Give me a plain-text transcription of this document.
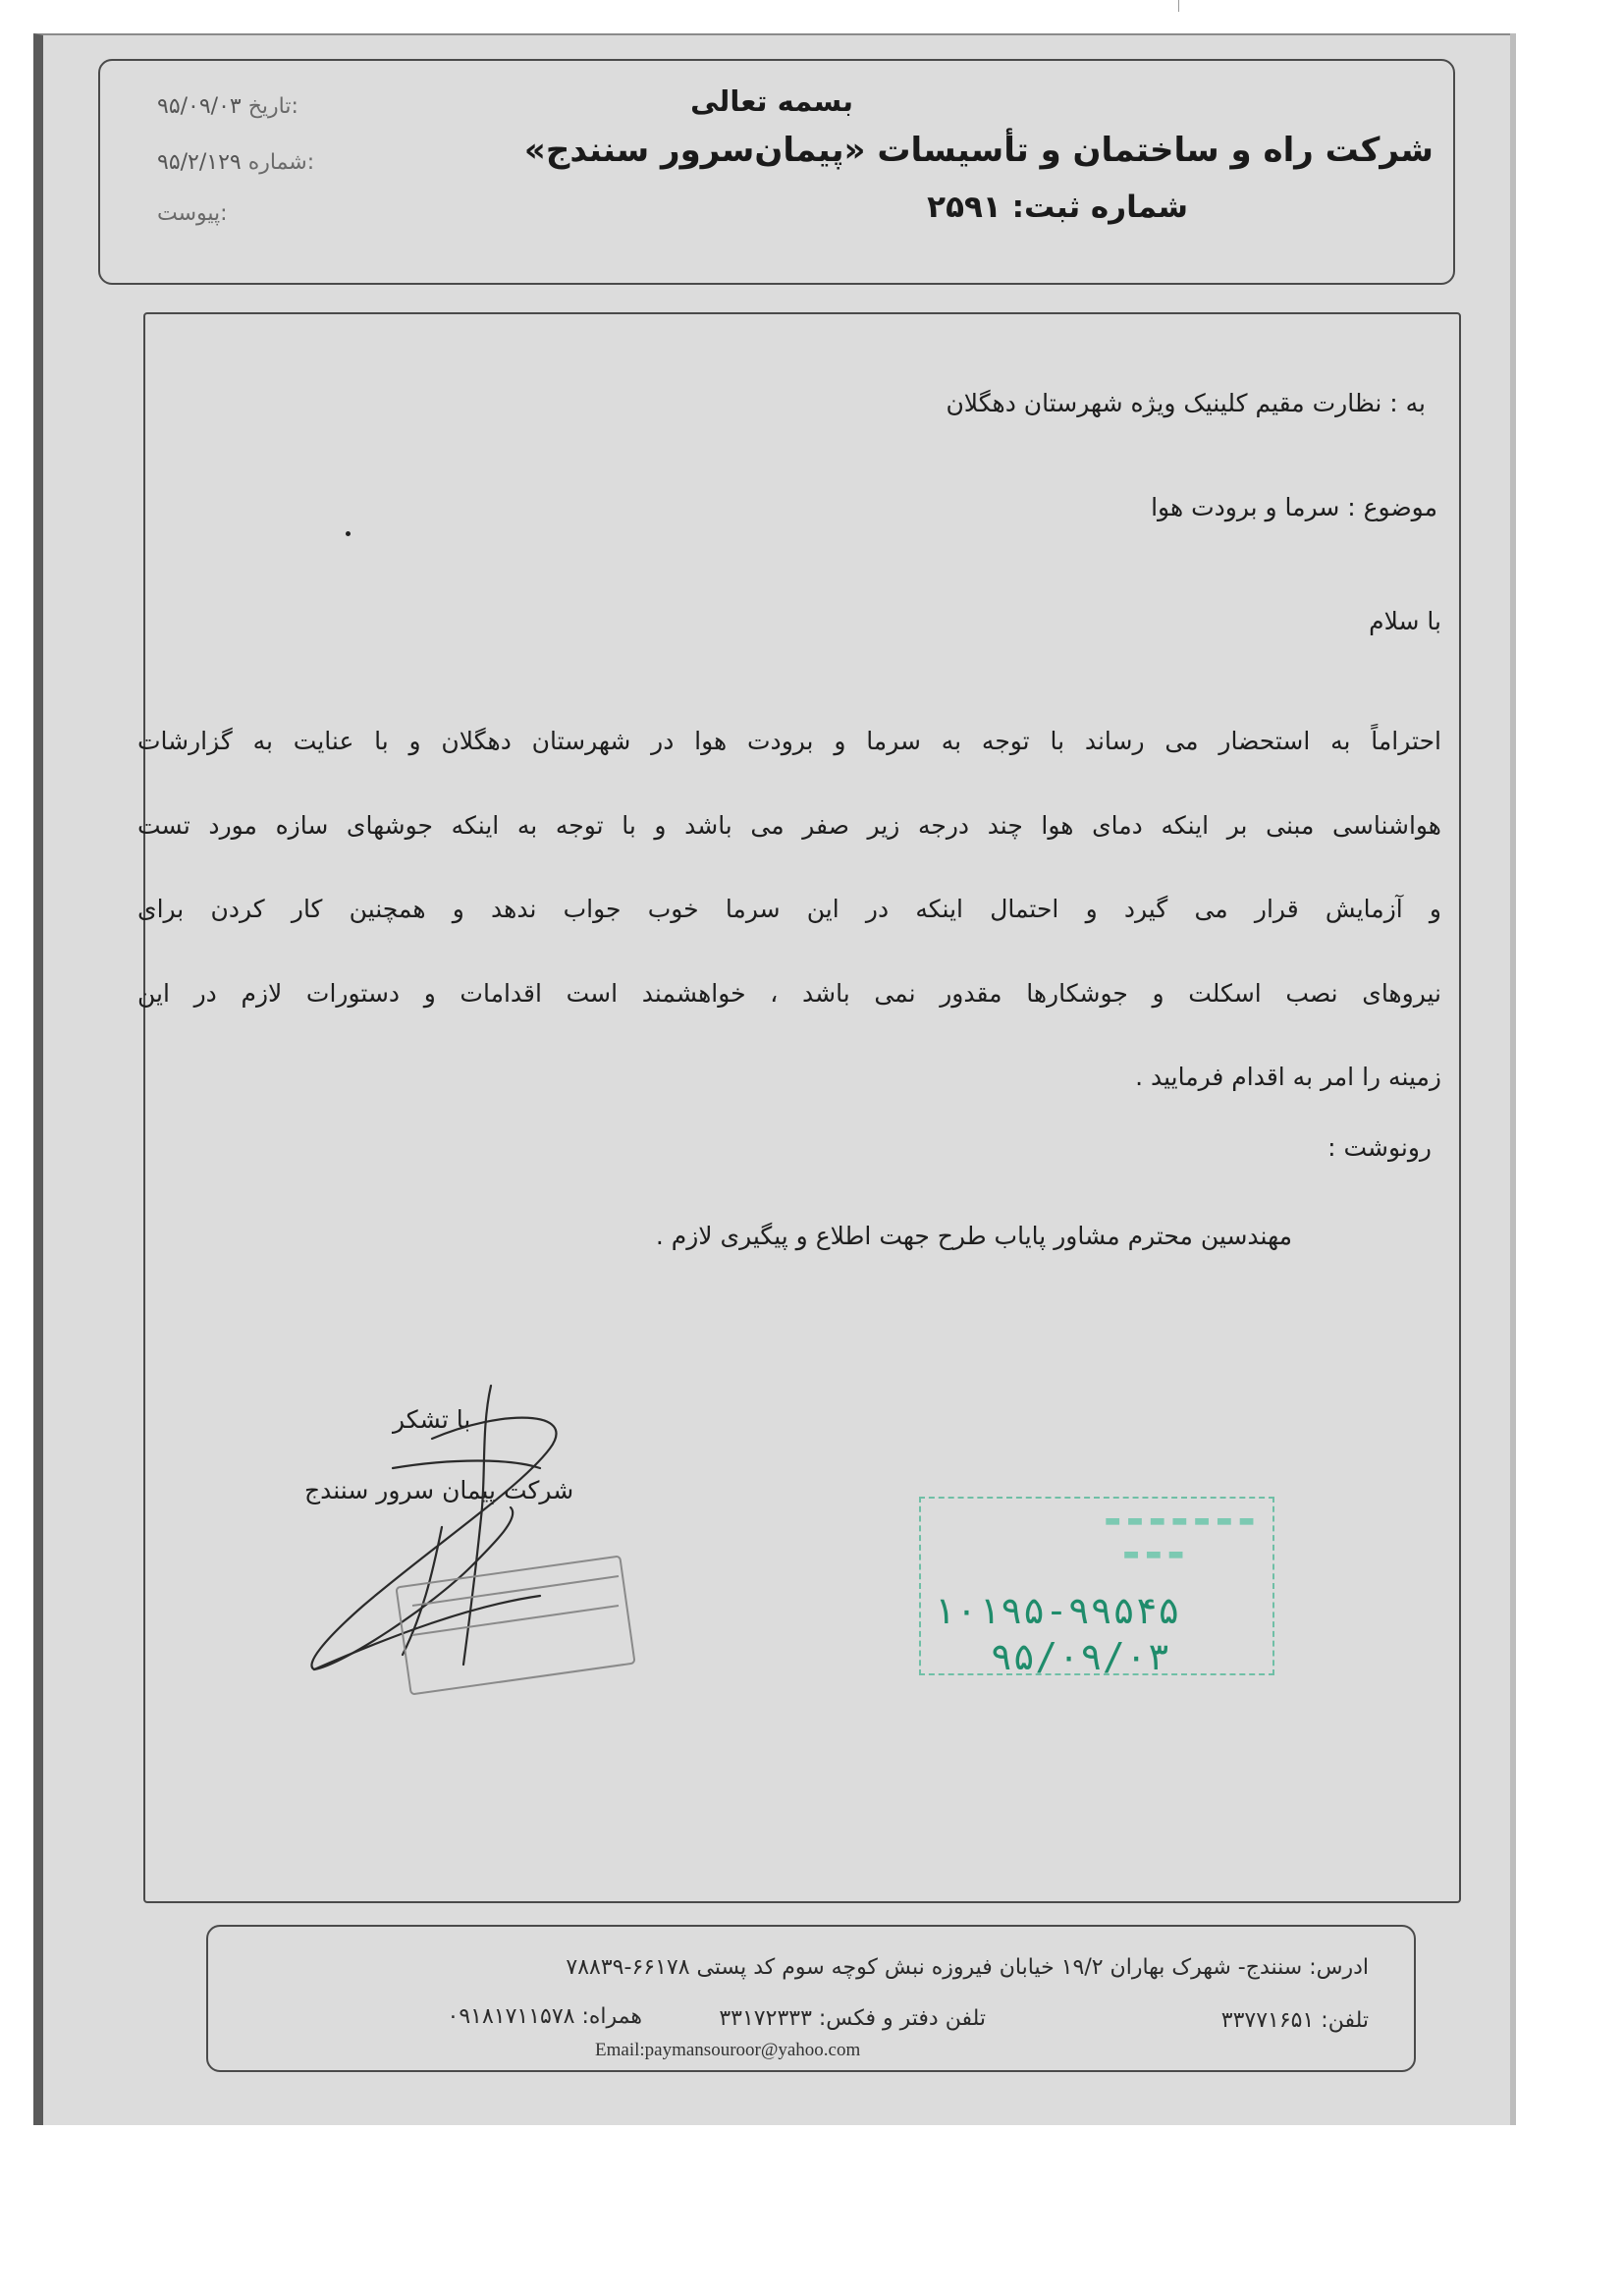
بسمه تعالی
شرکت راه و ساختمان و تأسیسات «پیمان‌سرور سنندج»
شماره ثبت: ۲۵۹۱
۹۵/۰۹/۰۳ تاریخ:
۹۵/۲/۱۲۹ شماره:
پیوست:
به : نظارت مقیم کلینیک ویژه شهرستان دهگلان
موضوع : سرما و برودت هوا
با سلام
احتراماً به استحضار می رساند با توجه به سرما و برودت هوا در شهرستان دهگلان و با عنایت به گزارشات
هواشناسی مبنی بر اینکه دمای هوا چند درجه زیر صفر می باشد و با توجه به اینکه جوشهای سازه مورد تست
و آزمایش قرار می گیرد و احتمال اینکه در این سرما خوب جواب ندهد و همچنین کار کردن برای
نیروهای نصب اسکلت و جوشکارها مقدور نمی باشد ، خواهشمند است اقدامات و دستورات لازم در این
زمینه را امر به اقدام فرمایید .
رونوشت :
مهندسین محترم مشاور پایاب طرح جهت اطلاع و پیگیری لازم .
با تشکر
شرکت پیمان سرور سنندج
▬ ▬ ▬ ▬ ▬ ▬ ▬
▬ ▬ ▬
۱۰۱۹۵-۹۹۵۴۵
۹۵/۰۹/۰۳
ادرس: سنندج- شهرک بهاران ۱۹/۲ خیابان فیروزه نبش کوچه سوم کد پستی ۶۶۱۷۸-۷۸۸۳۹
تلفن: ۳۳۷۷۱۶۵۱
تلفن دفتر و فکس: ۳۳۱۷۲۳۳۳
همراه: ۰۹۱۸۱۷۱۱۵۷۸
Email:paymansouroor@yahoo.com
